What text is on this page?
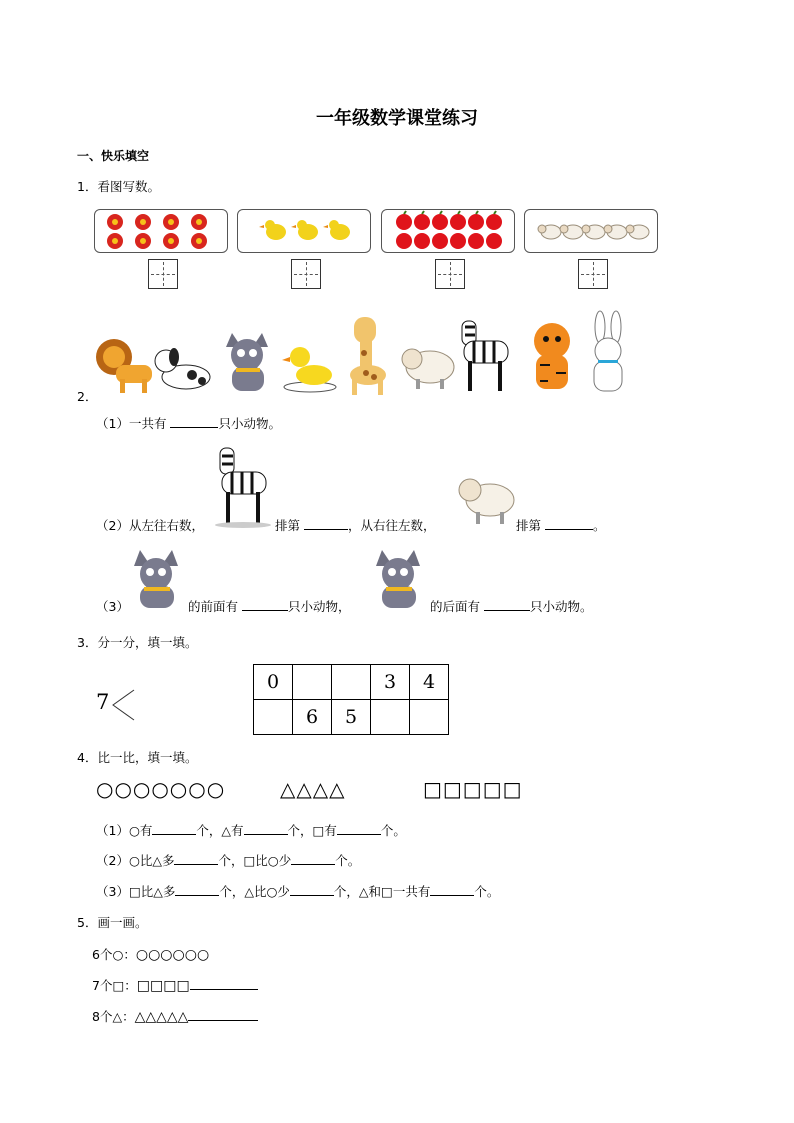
一年级数学课堂练习
一、快乐填空
1．看图写数。
2．
（1）一共有	只小动物。
（2）从左往右数，	排第	，从右往左数，	排第	。
（3）	的前面有	只小动物，	的后面有	只小动物。
3．分一分，填一填。
7
0			3	4
	6	5		
4．比一比，填一填。
○○○○○○○	△△△△	□□□□□
（1）○有	个，△有	个，□有	个。
（2）○比△多	个，□比○少	个。
（3）□比△多	个，△比○少	个，△和□一共有	个。
5．画一画。
6个○：○○○○○○
7个□：□□□□
8个△：△△△△△
